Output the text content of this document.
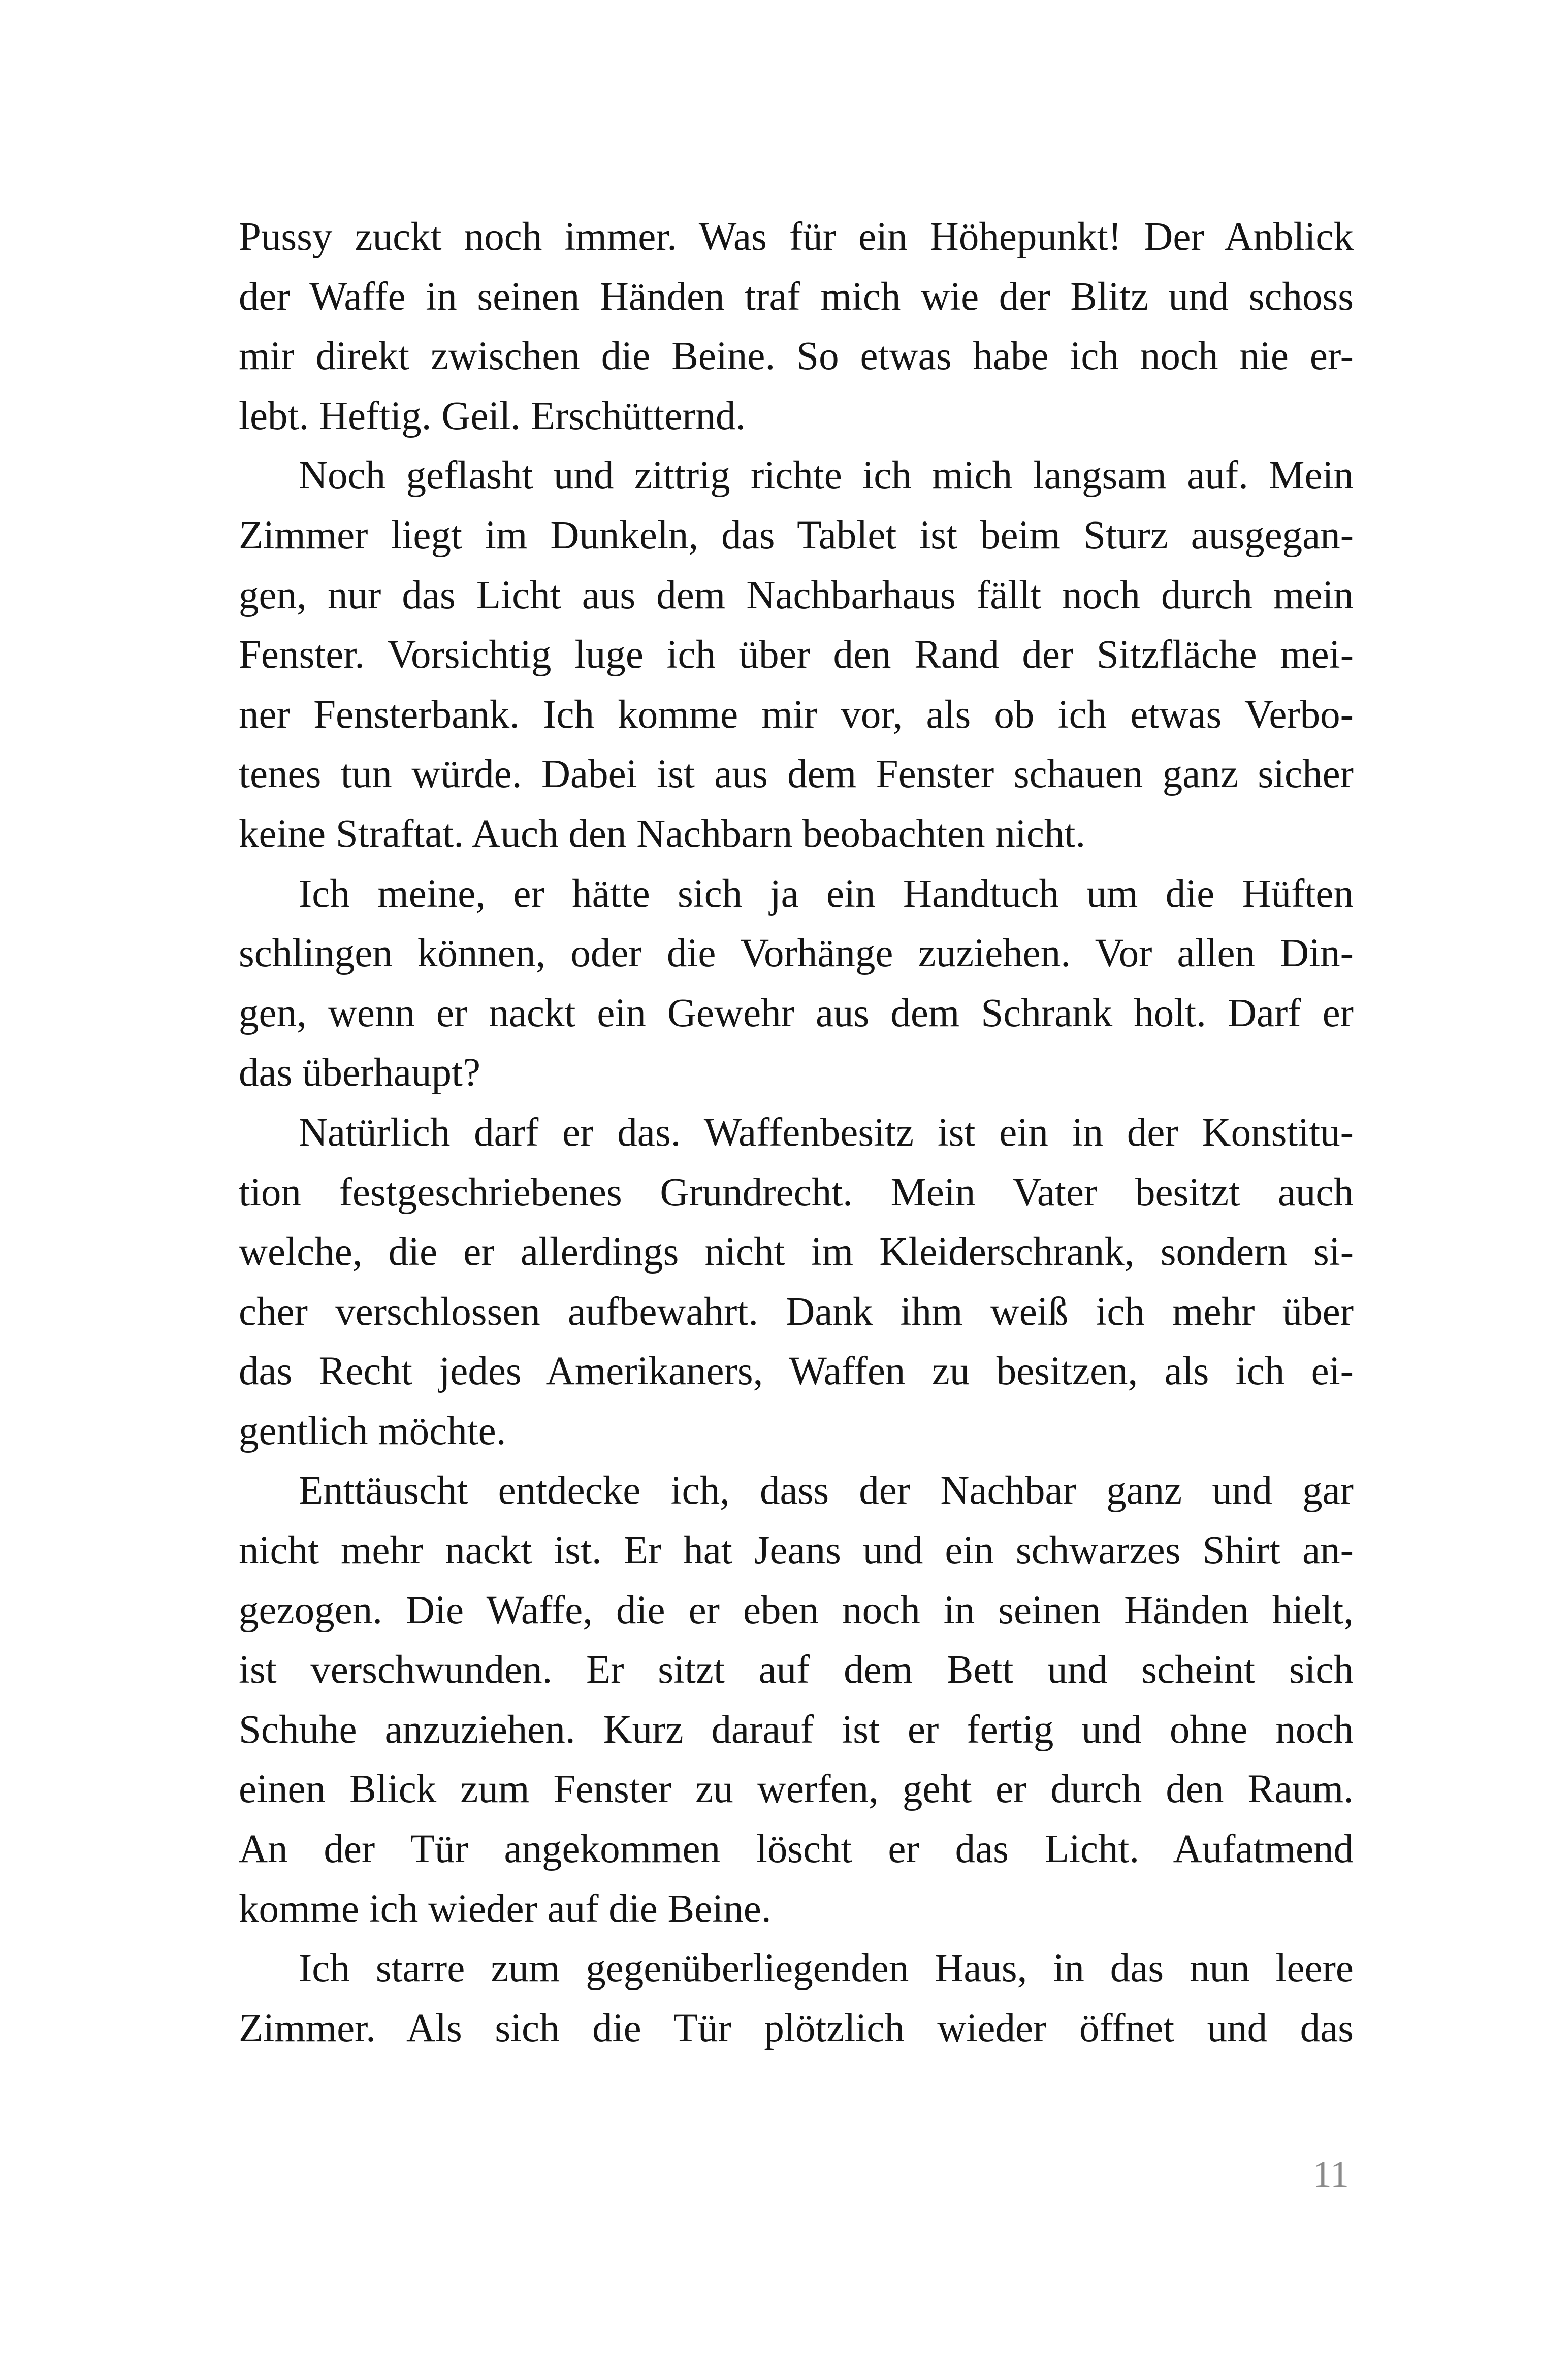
Pussy zuckt noch immer. Was für ein Höhepunkt! Der Anblick
der Waffe in seinen Händen traf mich wie der Blitz und schoss
mir direkt zwischen die Beine. So etwas habe ich noch nie er-
lebt. Heftig. Geil. Erschütternd.
Noch geflasht und zittrig richte ich mich langsam auf. Mein
Zimmer liegt im Dunkeln, das Tablet ist beim Sturz ausgegan-
gen, nur das Licht aus dem Nachbarhaus fällt noch durch mein
Fenster. Vorsichtig luge ich über den Rand der Sitzfläche mei-
ner Fensterbank. Ich komme mir vor, als ob ich etwas Verbo-
tenes tun würde. Dabei ist aus dem Fenster schauen ganz sicher
keine Straftat. Auch den Nachbarn beobachten nicht.
Ich meine, er hätte sich ja ein Handtuch um die Hüften
schlingen können, oder die Vorhänge zuziehen. Vor allen Din-
gen, wenn er nackt ein Gewehr aus dem Schrank holt. Darf er
das überhaupt?
Natürlich darf er das. Waffenbesitz ist ein in der Konstitu-
tion festgeschriebenes Grundrecht. Mein Vater besitzt auch
welche, die er allerdings nicht im Kleiderschrank, sondern si-
cher verschlossen aufbewahrt. Dank ihm weiß ich mehr über
das Recht jedes Amerikaners, Waffen zu besitzen, als ich ei-
gentlich möchte.
Enttäuscht entdecke ich, dass der Nachbar ganz und gar
nicht mehr nackt ist. Er hat Jeans und ein schwarzes Shirt an-
gezogen. Die Waffe, die er eben noch in seinen Händen hielt,
ist verschwunden. Er sitzt auf dem Bett und scheint sich
Schuhe anzuziehen. Kurz darauf ist er fertig und ohne noch
einen Blick zum Fenster zu werfen, geht er durch den Raum.
An der Tür angekommen löscht er das Licht. Aufatmend
komme ich wieder auf die Beine.
Ich starre zum gegenüberliegenden Haus, in das nun leere
Zimmer. Als sich die Tür plötzlich wieder öffnet und das
11
